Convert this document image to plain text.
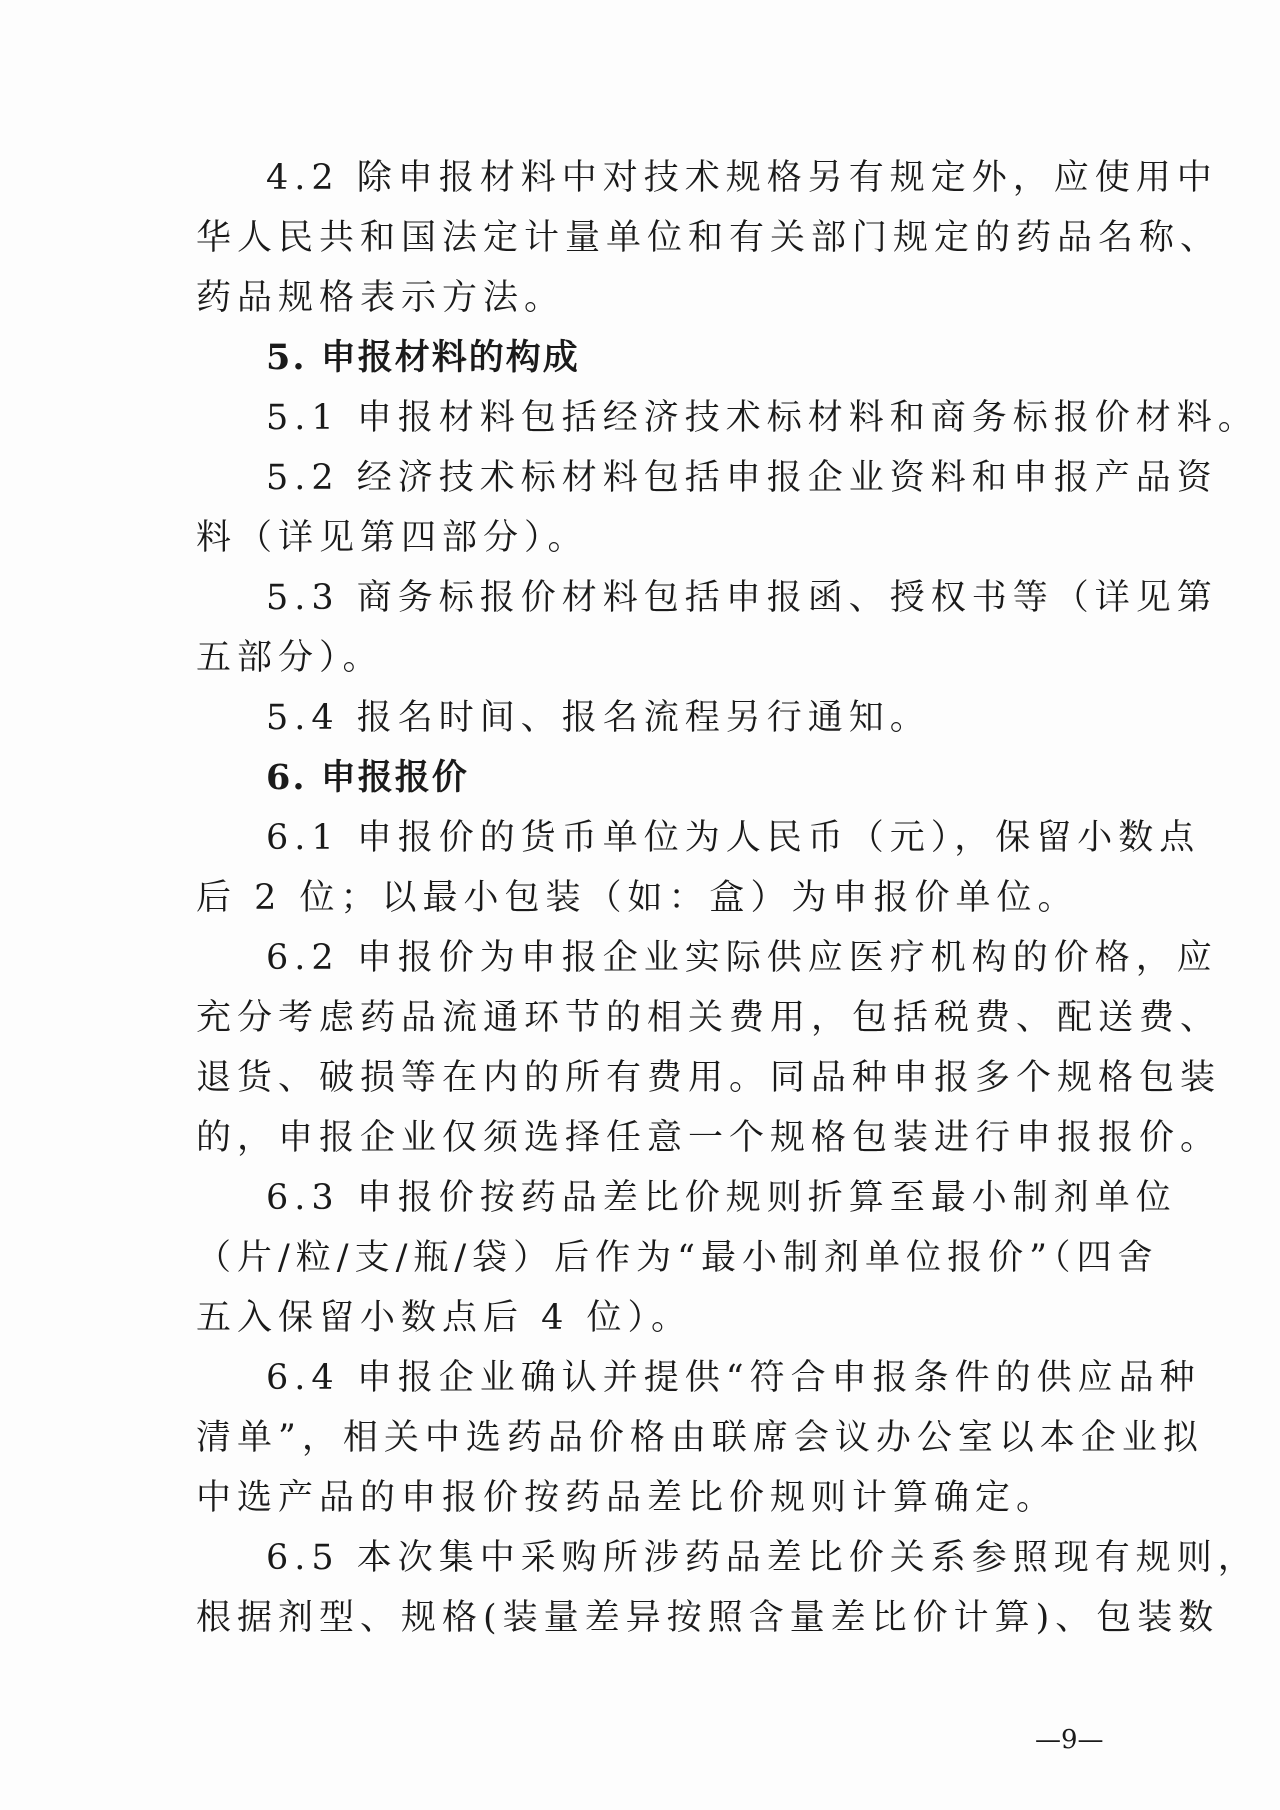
4.2 除申报材料中对技术规格另有规定外，应使用中
华人民共和国法定计量单位和有关部门规定的药品名称、
药品规格表示方法。
5. 申报材料的构成
5.1 申报材料包括经济技术标材料和商务标报价材料。
5.2 经济技术标材料包括申报企业资料和申报产品资
料（详见第四部分）。
5.3 商务标报价材料包括申报函、授权书等（详见第
五部分）。
5.4 报名时间、报名流程另行通知。
6. 申报报价
6.1 申报价的货币单位为人民币（元），保留小数点
后 2 位；以最小包装（如：盒）为申报价单位。
6.2 申报价为申报企业实际供应医疗机构的价格，应
充分考虑药品流通环节的相关费用，包括税费、配送费、
退货、破损等在内的所有费用。同品种申报多个规格包装
的，申报企业仅须选择任意一个规格包装进行申报报价。
6.3 申报价按药品差比价规则折算至最小制剂单位
（片/粒/支/瓶/袋）后作为“最小制剂单位报价”（四舍
五入保留小数点后 4 位）。
6.4 申报企业确认并提供“符合申报条件的供应品种
清单”，相关中选药品价格由联席会议办公室以本企业拟
中选产品的申报价按药品差比价规则计算确定。
6.5 本次集中采购所涉药品差比价关系参照现有规则，
根据剂型、规格(装量差异按照含量差比价计算)、包装数
—9—
